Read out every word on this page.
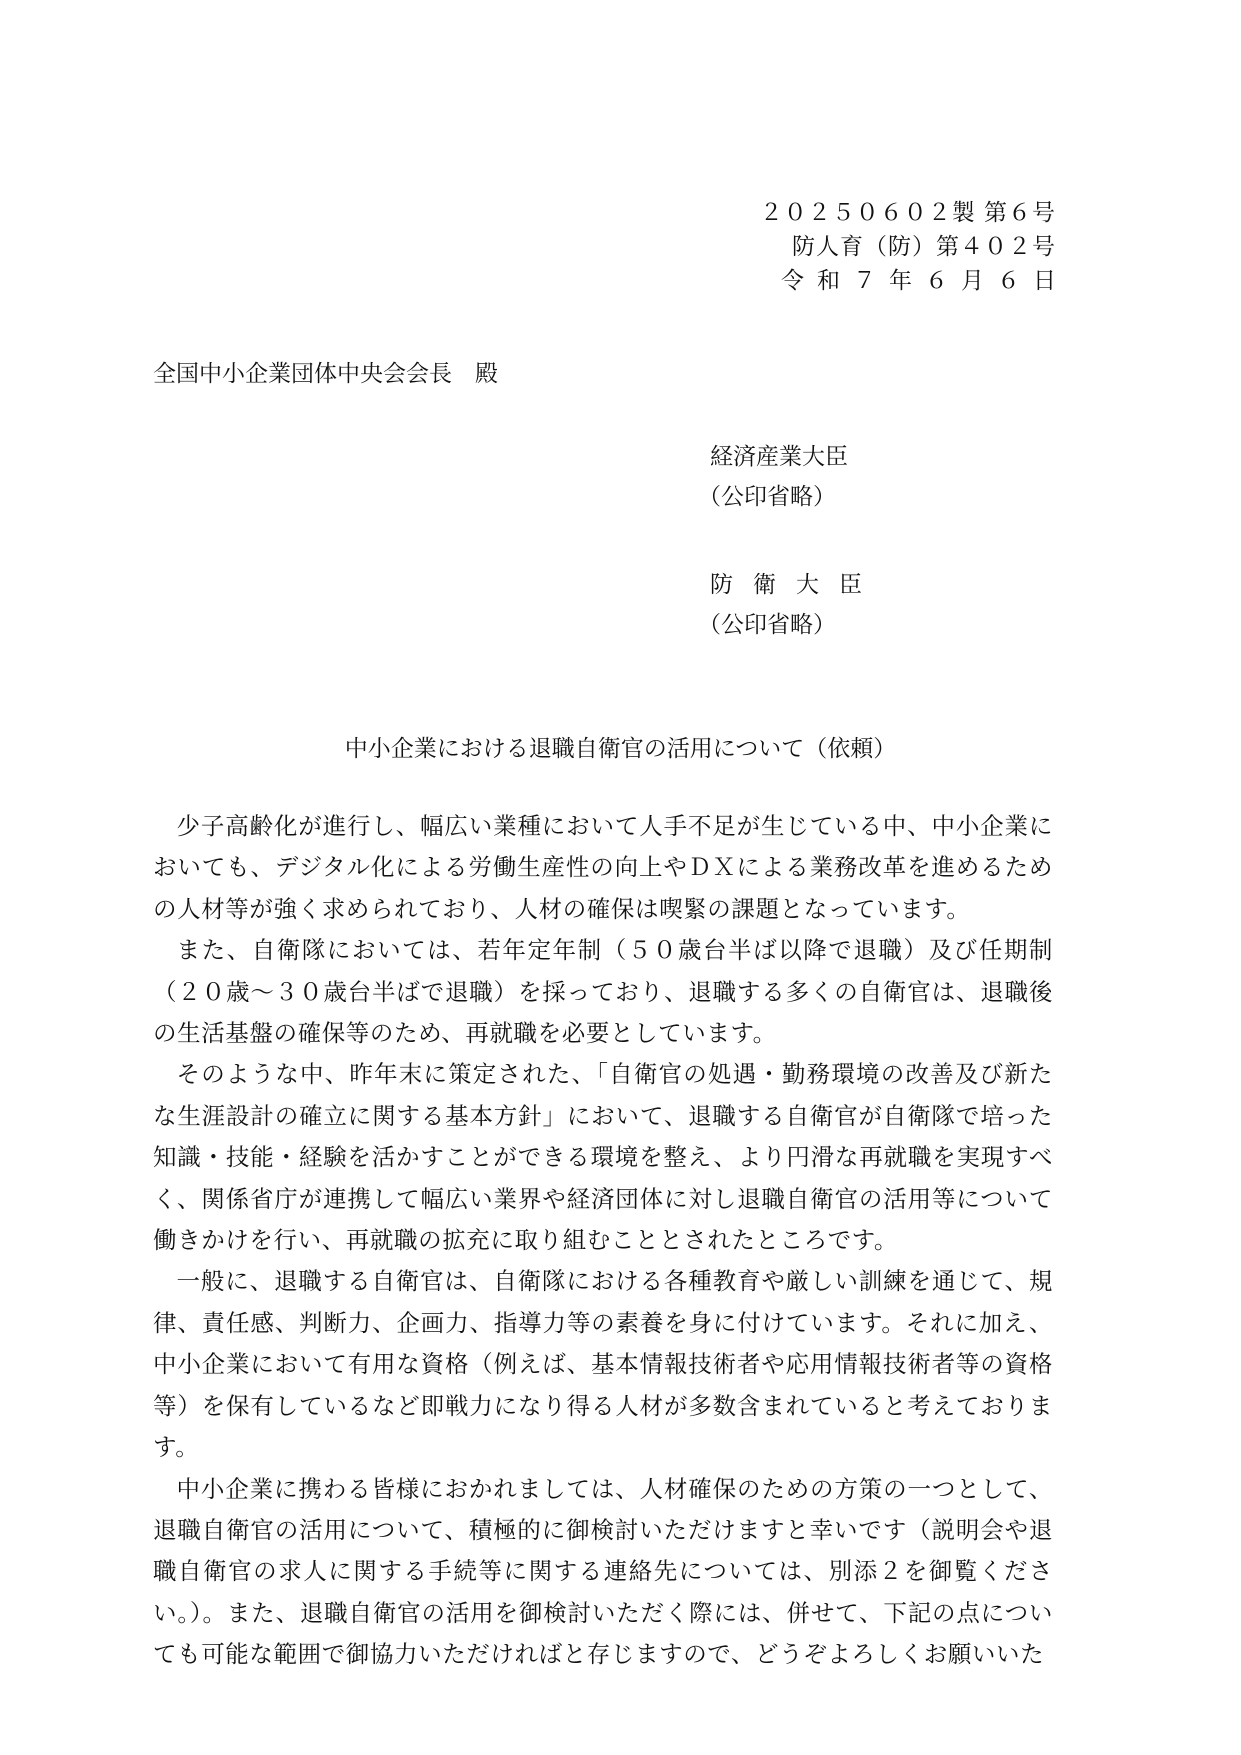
２０２５０６０２製 第６号
防人育（防）第４０２号
令和７年６月６日
全国中小企業団体中央会会長　殿
経済産業大臣
（公印省略）
防衛大臣
（公印省略）
中小企業における退職自衛官の活用について（依頼）

少子高齢化が進行し、幅広い業種において人手不足が生じている中、中小企業においても、デジタル化による労働生産性の向上やＤＸによる業務改革を進めるための人材等が強く求められており、人材の確保は喫緊の課題となっています。

また、自衛隊においては、若年定年制（５０歳台半ば以降で退職）及び任期制（２０歳～３０歳台半ばで退職）を採っており、退職する多くの自衛官は、退職後の生活基盤の確保等のため、再就職を必要としています。

そのような中、昨年末に策定された、「自衛官の処遇・勤務環境の改善及び新たな生涯設計の確立に関する基本方針」において、退職する自衛官が自衛隊で培った知識・技能・経験を活かすことができる環境を整え、より円滑な再就職を実現すべく、関係省庁が連携して幅広い業界や経済団体に対し退職自衛官の活用等について働きかけを行い、再就職の拡充に取り組むこととされたところです。

一般に、退職する自衛官は、自衛隊における各種教育や厳しい訓練を通じて、規律、責任感、判断力、企画力、指導力等の素養を身に付けています。それに加え、中小企業において有用な資格（例えば、基本情報技術者や応用情報技術者等の資格等）を保有しているなど即戦力になり得る人材が多数含まれていると考えております。

中小企業に携わる皆様におかれましては、人材確保のための方策の一つとして、退職自衛官の活用について、積極的に御検討いただけますと幸いです（説明会や退職自衛官の求人に関する手続等に関する連絡先については、別添２を御覧ください。）。また、退職自衛官の活用を御検討いただく際には、併せて、下記の点についても可能な範囲で御協力いただければと存じますので、どうぞよろしくお願いいた
